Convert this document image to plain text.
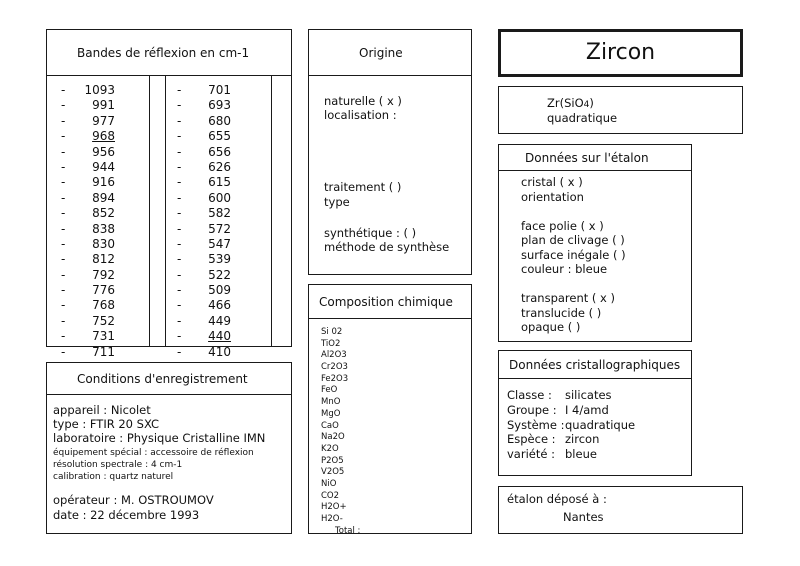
Bandes de réflexion en cm-1
- 1093
- 991
- 977
- 968
- 956
- 944
- 916
- 894
- 852
- 838
- 830
- 812
- 792
- 776
- 768
- 752
- 731
- 711
- 701
- 693
- 680
- 655
- 656
- 626
- 615
- 600
- 582
- 572
- 547
- 539
- 522
- 509
- 466
- 449
- 440
- 410
Origine
naturelle ( x )
localisation :
traitement ( )
type
synthétique : ( )
méthode de synthèse
Composition chimique
Si 02
TiO2
Al2O3
Cr2O3
Fe2O3
FeO
MnO
MgO
CaO
Na2O
K2O
P2O5
V2O5
NiO
CO2
H2O+
H2O-
Total :
Zircon
Zr(SiO4)
quadratique
Données sur l'étalon
cristal ( x )
orientation
face polie ( x )
plan de clivage ( )
surface inégale ( )
couleur : bleue
transparent ( x )
translucide ( )
opaque ( )
Données cristallographiques
Classe : silicates
Groupe : I 4/amd
Système :quadratique
Espèce : zircon
variété : bleue
étalon déposé à :
Nantes
Conditions d'enregistrement
appareil : Nicolet
type : FTIR 20 SXC
laboratoire : Physique Cristalline IMN
équipement spécial : accessoire de réflexion
résolution spectrale : 4 cm-1
calibration : quartz naturel
opérateur : M. OSTROUMOV
date : 22 décembre 1993
